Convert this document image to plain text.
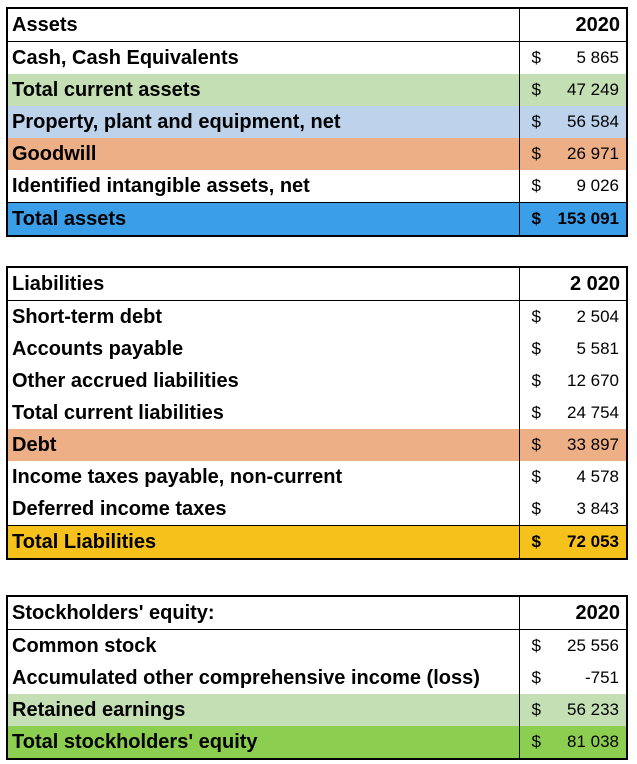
Assets	2020
Cash, Cash Equivalents	$ 5 865

Total current assets	$ 47 249

Property, plant and equipment, net	$ 56 584

Goodwill	$ 26 971

Identified intangible assets, net	$ 9 026

Total assets	$ 153 091
Liabilities	2 020
Short-term debt	$ 2 504

Accounts payable	$ 5 581

Other accrued liabilities	$ 12 670

Total current liabilities	$ 24 754

Debt	$ 33 897

Income taxes payable, non-current	$ 4 578

Deferred income taxes	$ 3 843

Total Liabilities	$ 72 053
Stockholders' equity:	2020
Common stock	$ 25 556

Accumulated other comprehensive income (loss)	$ -751

Retained earnings	$ 56 233

Total stockholders' equity	$ 81 038
